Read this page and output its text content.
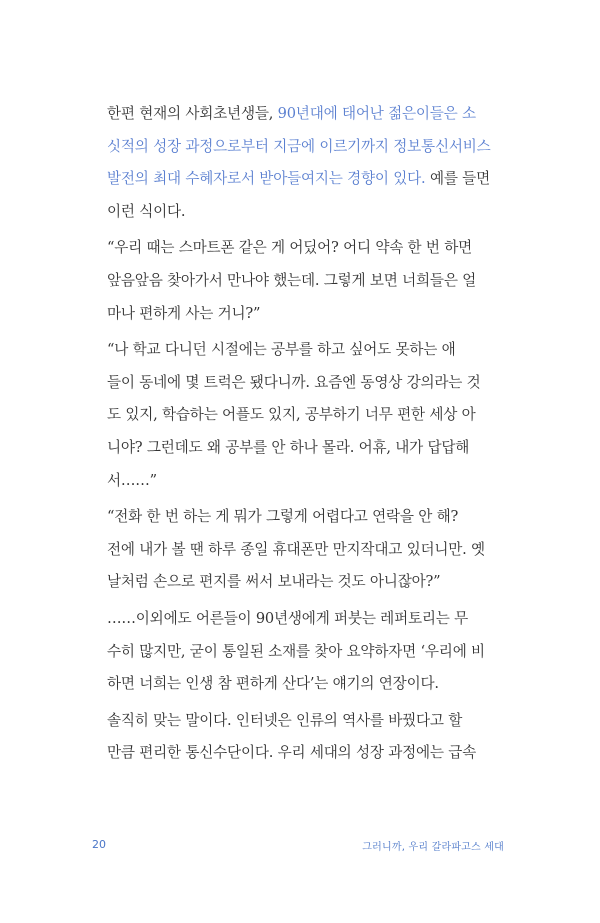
한편 현재의 사회초년생들, 90년대에 태어난 젊은이들은 소
싯적의 성장 과정으로부터 지금에 이르기까지 정보통신서비스
발전의 최대 수혜자로서 받아들여지는 경향이 있다. 예를 들면
이런 식이다.

“우리 때는 스마트폰 같은 게 어딨어? 어디 약속 한 번 하면
앞음앞음 찾아가서 만나야 했는데. 그렇게 보면 너희들은 얼
마나 편하게 사는 거니?”

“나 학교 다니던 시절에는 공부를 하고 싶어도 못하는 애
들이 동네에 몇 트럭은 됐다니까. 요즘엔 동영상 강의라는 것
도 있지, 학습하는 어플도 있지, 공부하기 너무 편한 세상 아
니야? 그런데도 왜 공부를 안 하나 몰라. 어휴, 내가 답답해
서……”

“전화 한 번 하는 게 뭐가 그렇게 어렵다고 연락을 안 해?
전에 내가 볼 땐 하루 종일 휴대폰만 만지작대고 있더니만. 옛
날처럼 손으로 편지를 써서 보내라는 것도 아니잖아?”

……이외에도 어른들이 90년생에게 퍼붓는 레퍼토리는 무
수히 많지만, 굳이 통일된 소재를 찾아 요약하자면 ‘우리에 비
하면 너희는 인생 참 편하게 산다’는 얘기의 연장이다.

솔직히 맞는 말이다. 인터넷은 인류의 역사를 바꿨다고 할
만큼 편리한 통신수단이다. 우리 세대의 성장 과정에는 급속

20	그러니까, 우리 갈라파고스 세대
